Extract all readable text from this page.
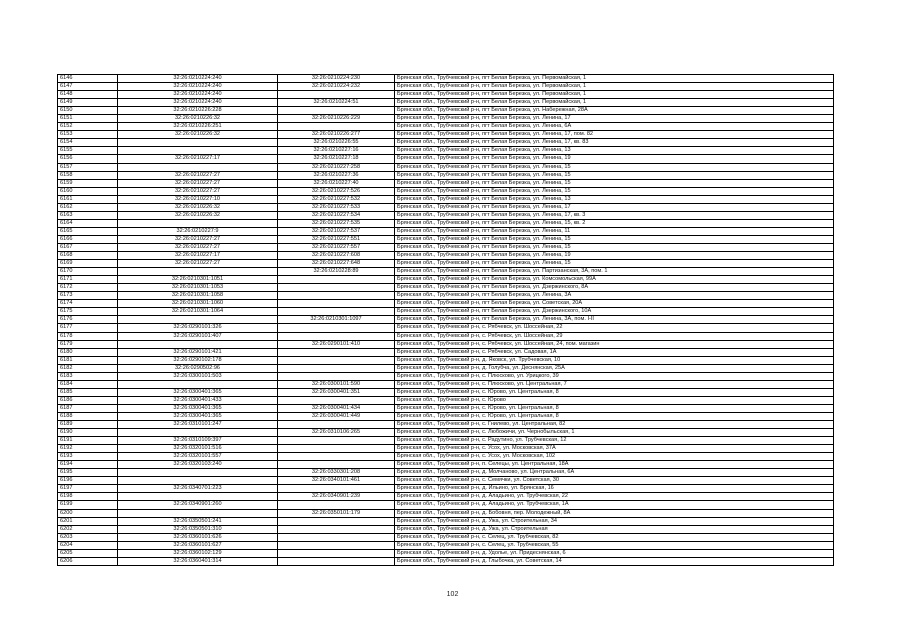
6146	32:26:0210224:240	32:26:0210224:230	Брянская обл., Трубчевский р-н, пгт Белая Березка, ул. Первомайская, 1
6147	32:26:0210224:240	32:26:0210224:232	Брянская обл., Трубчевский р-н, пгт Белая Березка, ул. Первомайская, 1
6148	32:26:0210224:240		Брянская обл., Трубчевский р-н, пгт Белая Березка, ул. Первомайская, 1
6149	32:26:0210224:240	32:26:0210224:51	Брянская обл., Трубчевский р-н, пгт Белая Березка, ул. Первомайская, 1
6150	32:26:0210226:228		Брянская обл., Трубчевский р-н, пгт Белая Березка, ул. Набережная, 28А
6151	32:26:0210226:32	32:26:0210226:229	Брянская обл., Трубчевский р-н, пгт Белая Березка, ул. Ленина, 17
6152	32:26:0210226:251		Брянская обл., Трубчевский р-н, пгт Белая Березка, ул. Ленина, 6А
6153	32:26:0210226:32	32:26:0210226:277	Брянская обл., Трубчевский р-н, пгт Белая Березка, ул. Ленина, 17, пом. 82
6154		32:26:0210226:55	Брянская обл., Трубчевский р-н, пгт Белая Березка, ул. Ленина, 17, кв. 83
6155		32:26:0210227:16	Брянская обл., Трубчевский р-н, пгт Белая Березка, ул. Ленина, 13
6156	32:26:0210227:17	32:26:0210227:18	Брянская обл., Трубчевский р-н, пгт Белая Березка, ул. Ленина, 19
6157		32:26:0210227:258	Брянская обл., Трубчевский р-н, пгт Белая Березка, ул. Ленина, 15
6158	32:26:0210227:27	32:26:0210227:36	Брянская обл., Трубчевский р-н, пгт Белая Березка, ул. Ленина, 15
6159	32:26:0210227:27	32:26:0210227:40	Брянская обл., Трубчевский р-н, пгт Белая Березка, ул. Ленина, 15
6160	32:26:0210227:27	32:26:0210227:526	Брянская обл., Трубчевский р-н, пгт Белая Березка, ул. Ленина, 15
6161	32:26:0210227:10	32:26:0210227:532	Брянская обл., Трубчевский р-н, пгт Белая Березка, ул. Ленина, 13
6162	32:26:0210226:32	32:26:0210227:533	Брянская обл., Трубчевский р-н, пгт Белая Березка, ул. Ленина, 17
6163	32:26:0210226:32	32:26:0210227:534	Брянская обл., Трубчевский р-н, пгт Белая Березка, ул. Ленина, 17, кв. 3
6164		32:26:0210227:535	Брянская обл., Трубчевский р-н, пгт Белая Березка, ул. Ленина, 15, кв. 2
6165	32:26:0210227:9	32:26:0210227:537	Брянская обл., Трубчевский р-н, пгт Белая Березка, ул. Ленина, 11
6166	32:26:0210227:27	32:26:0210227:551	Брянская обл., Трубчевский р-н, пгт Белая Березка, ул. Ленина, 15
6167	32:26:0210227:27	32:26:0210227:557	Брянская обл., Трубчевский р-н, пгт Белая Березка, ул. Ленина, 15
6168	32:26:0210227:17	32:26:0210227:608	Брянская обл., Трубчевский р-н, пгт Белая Березка, ул. Ленина, 19
6169	32:26:0210227:27	32:26:0210227:648	Брянская обл., Трубчевский р-н, пгт Белая Березка, ул. Ленина, 15
6170		32:26:0210228:89	Брянская обл., Трубчевский р-н, пгт Белая Березка, ул. Партизанская, 3А, пом. 1
6171	32:26:0210301:1051		Брянская обл., Трубчевский р-н, пгт Белая Березка, ул. Комсомольская, 99А
6172	32:26:0210301:1053		Брянская обл., Трубчевский р-н, пгт Белая Березка, ул. Дзержинского, 8А
6173	32:26:0210301:1058		Брянская обл., Трубчевский р-н, пгт Белая Березка, ул. Ленина, 3А
6174	32:26:0210301:1060		Брянская обл., Трубчевский р-н, пгт Белая Березка, ул. Советская, 20А
6175	32:26:0210301:1064		Брянская обл., Трубчевский р-н, пгт Белая Березка, ул. Дзержинского, 10А
6176		32:26:0210301:1097	Брянская обл., Трубчевский р-н, пгт Белая Березка, ул. Ленина, 3А, пом. I-II
6177	32:26:0290101:326		Брянская обл., Трубчевский р-н, с. Рябчевск, ул. Шоссейная, 22
6178	32:26:0290101:407		Брянская обл., Трубчевский р-н, с. Рябчевск, ул. Шоссейная, 29
6179		32:26:0290101:410	Брянская обл., Трубчевский р-н, с. Рябчевск, ул. Шоссейная, 24, пом. магазин
6180	32:26:0290101:421		Брянская обл., Трубчевский р-н, с. Рябчевск, ул. Садовая, 1А
6181	32:26:0290102:178		Брянская обл., Трубчевский р-н, д. Яковск, ул. Трубчевская, 10
6182	32:26:0290502:96		Брянская обл., Трубчевский р-н, д. Голубча, ул. Деснянская, 25А
6183	32:26:0300101:503		Брянская обл., Трубчевский р-н, с. Плюсково, ул. Урицкого, 39
6184		32:26:0300101:590	Брянская обл., Трубчевский р-н, с. Плюсково, ул. Центральная, 7
6185	32:26:0300401:365	32:26:0300401:351	Брянская обл., Трубчевский р-н, с. Юрово, ул. Центральная, 8
6186	32:26:0300401:433		Брянская обл., Трубчевский р-н, с. Юрово
6187	32:26:0300401:365	32:26:0300401:434	Брянская обл., Трубчевский р-н, с. Юрово, ул. Центральная, 8
6188	32:26:0300401:365	32:26:0300401:449	Брянская обл., Трубчевский р-н, с. Юрово, ул. Центральная, 8
6189	32:26:0310101:247		Брянская обл., Трубчевский р-н, с. Гнилево, ул. Центральная, 82
6190		32:26:0310106:265	Брянская обл., Трубчевский р-н, с. Любожичи, ул. Чернобыльская, 1
6191	32:26:0310109:397		Брянская обл., Трубчевский р-н, с. Радутино, ул. Трубчевская, 12
6192	32:26:0320101:516		Брянская обл., Трубчевский р-н, с. Усох, ул. Московская, 37А
6193	32:26:0320101:557		Брянская обл., Трубчевский р-н, с. Усох, ул. Московская, 102
6194	32:26:0320103:240		Брянская обл., Трубчевский р-н, п. Селецы, ул. Центральная, 18А
6195		32:26:0330301:208	Брянская обл., Трубчевский р-н, д. Молчаново, ул. Центральная, 6А
6196		32:26:0340101:461	Брянская обл., Трубчевский р-н, с. Семячки, ул. Советская, 30
6197	32:26:0340701:223		Брянская обл., Трубчевский р-н, д. Ильино, ул. Брянская, 16
6198		32:26:0340901:239	Брянская обл., Трубчевский р-н, д. Аладьино, ул. Трубчевская, 22
6199	32:26:0340901:260		Брянская обл., Трубчевский р-н, д. Аладьино, ул. Трубчевская, 1А
6200		32:26:0350101:179	Брянская обл., Трубчевский р-н, д. Бобовня, пер. Молодежный, 8А
6201	32:26:0350501:241		Брянская обл., Трубчевский р-н, д. Ужа, ул. Строительная, 34
6202	32:26:0350501:310		Брянская обл., Трубчевский р-н, д. Ужа, ул. Строительная
6203	32:26:0360101:626		Брянская обл., Трубчевский р-н, с. Селец, ул. Трубчевская, 82
6204	32:26:0360101:627		Брянская обл., Трубчевский р-н, с. Селец, ул. Трубчевская, 55
6205	32:26:0360102:129		Брянская обл., Трубчевский р-н, д. Удолье, ул. Придеснянская, 6
6206	32:26:0360401:314		Брянская обл., Трубчевский р-н, д. Глыбочка, ул. Советская, 14
102
